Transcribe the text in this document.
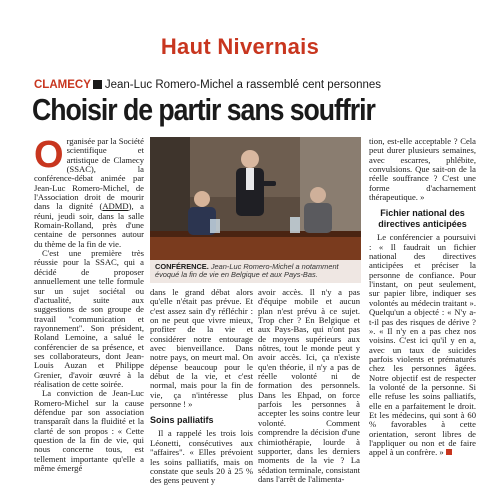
Haut Nivernais
CLAMECY Jean-Luc Romero-Michel a rassemblé cent personnes
Choisir de partir sans souffrir

Organisée par la Société scientifique et artistique de Clamecy (SSAC), la conférence-débat animée par Jean-Luc Romero-Michel, de l'Association droit de mourir dans la dignité (ADMD), a réuni, jeudi soir, dans la salle Romain-Rolland, près d'une centaine de personnes autour du thème de la fin de vie.

C'est une première très réussie pour la SSAC, qui a décidé de proposer annuellement une telle formule sur un sujet sociétal ou d'actualité, suite aux suggestions de son groupe de travail "communication et rayonnement". Son président, Roland Lemoine, a salué le conférencier de sa présence, et ses collaborateurs, dont Jean-Louis Auzan et Philippe Grenier, d'avoir œuvré à la réalisation de cette soirée.

La conviction de Jean-Luc Romero-Michel sur la cause défendue par son association transparaît dans la fluidité et la clarté de son propos : « Cette question de la fin de vie, qui nous concerne tous, est tellement importante qu'elle a même émergé

CONFÉRENCE. Jean-Luc Romero-Michel a notamment évoqué la fin de vie en Belgique et aux Pays-Bas.

dans le grand débat alors qu'elle n'était pas prévue. Et c'est assez sain d'y réfléchir : on ne peut que vivre mieux, profiter de la vie et considérer notre entourage avec bienveillance. Dans notre pays, on meurt mal. On dépense beaucoup pour le début de la vie, et c'est normal, mais pour la fin de vie, ça n'intéresse plus personne ! »

Soins palliatifs

Il a rappelé les trois lois Léonetti, consécutives aux "affaires". « Elles prévoient les soins palliatifs, mais on constate que seuls 20 à 25 % des gens peuvent y

avoir accès. Il n'y a pas d'équipe mobile et aucun plan n'est prévu à ce sujet. Trop cher ? En Belgique et aux Pays-Bas, qui n'ont pas de moyens supérieurs aux nôtres, tout le monde peut y avoir accès. Ici, ça n'existe qu'en théorie, il n'y a pas de réelle volonté ni de formation des personnels. Dans les Ehpad, on force parfois les personnes à accepter les soins contre leur volonté. Comment comprendre la décision d'une chimiothérapie, lourde à supporter, dans les derniers moments de la vie ? La sédation terminale, consistant dans l'arrêt de l'alimenta-

tion, est-elle acceptable ? Cela peut durer plusieurs semaines, avec escarres, phlébite, convulsions. Que sait-on de la réelle souffrance ? C'est une forme d'acharnement thérapeutique. »

Fichier national des directives anticipées

Le conférencier a poursuivi : « Il faudrait un fichier national des directives anticipées et préciser la personne de confiance. Pour l'instant, on peut seulement, sur papier libre, indiquer ses volontés au médecin traitant ». Quelqu'un a objecté : « N'y a-t-il pas des risques de dérive ? ». « Il n'y en a pas chez nos voisins. C'est ici qu'il y en a, avec un taux de suicides parfois violents et prématurés chez les personnes âgées. Notre objectif est de respecter la volonté de la personne. Si elle refuse les soins palliatifs, elle en a parfaitement le droit. Et les médecins, qui sont à 60 % favorables à cette orientation, seront libres de l'appliquer ou non et de faire appel à un confrère. »
